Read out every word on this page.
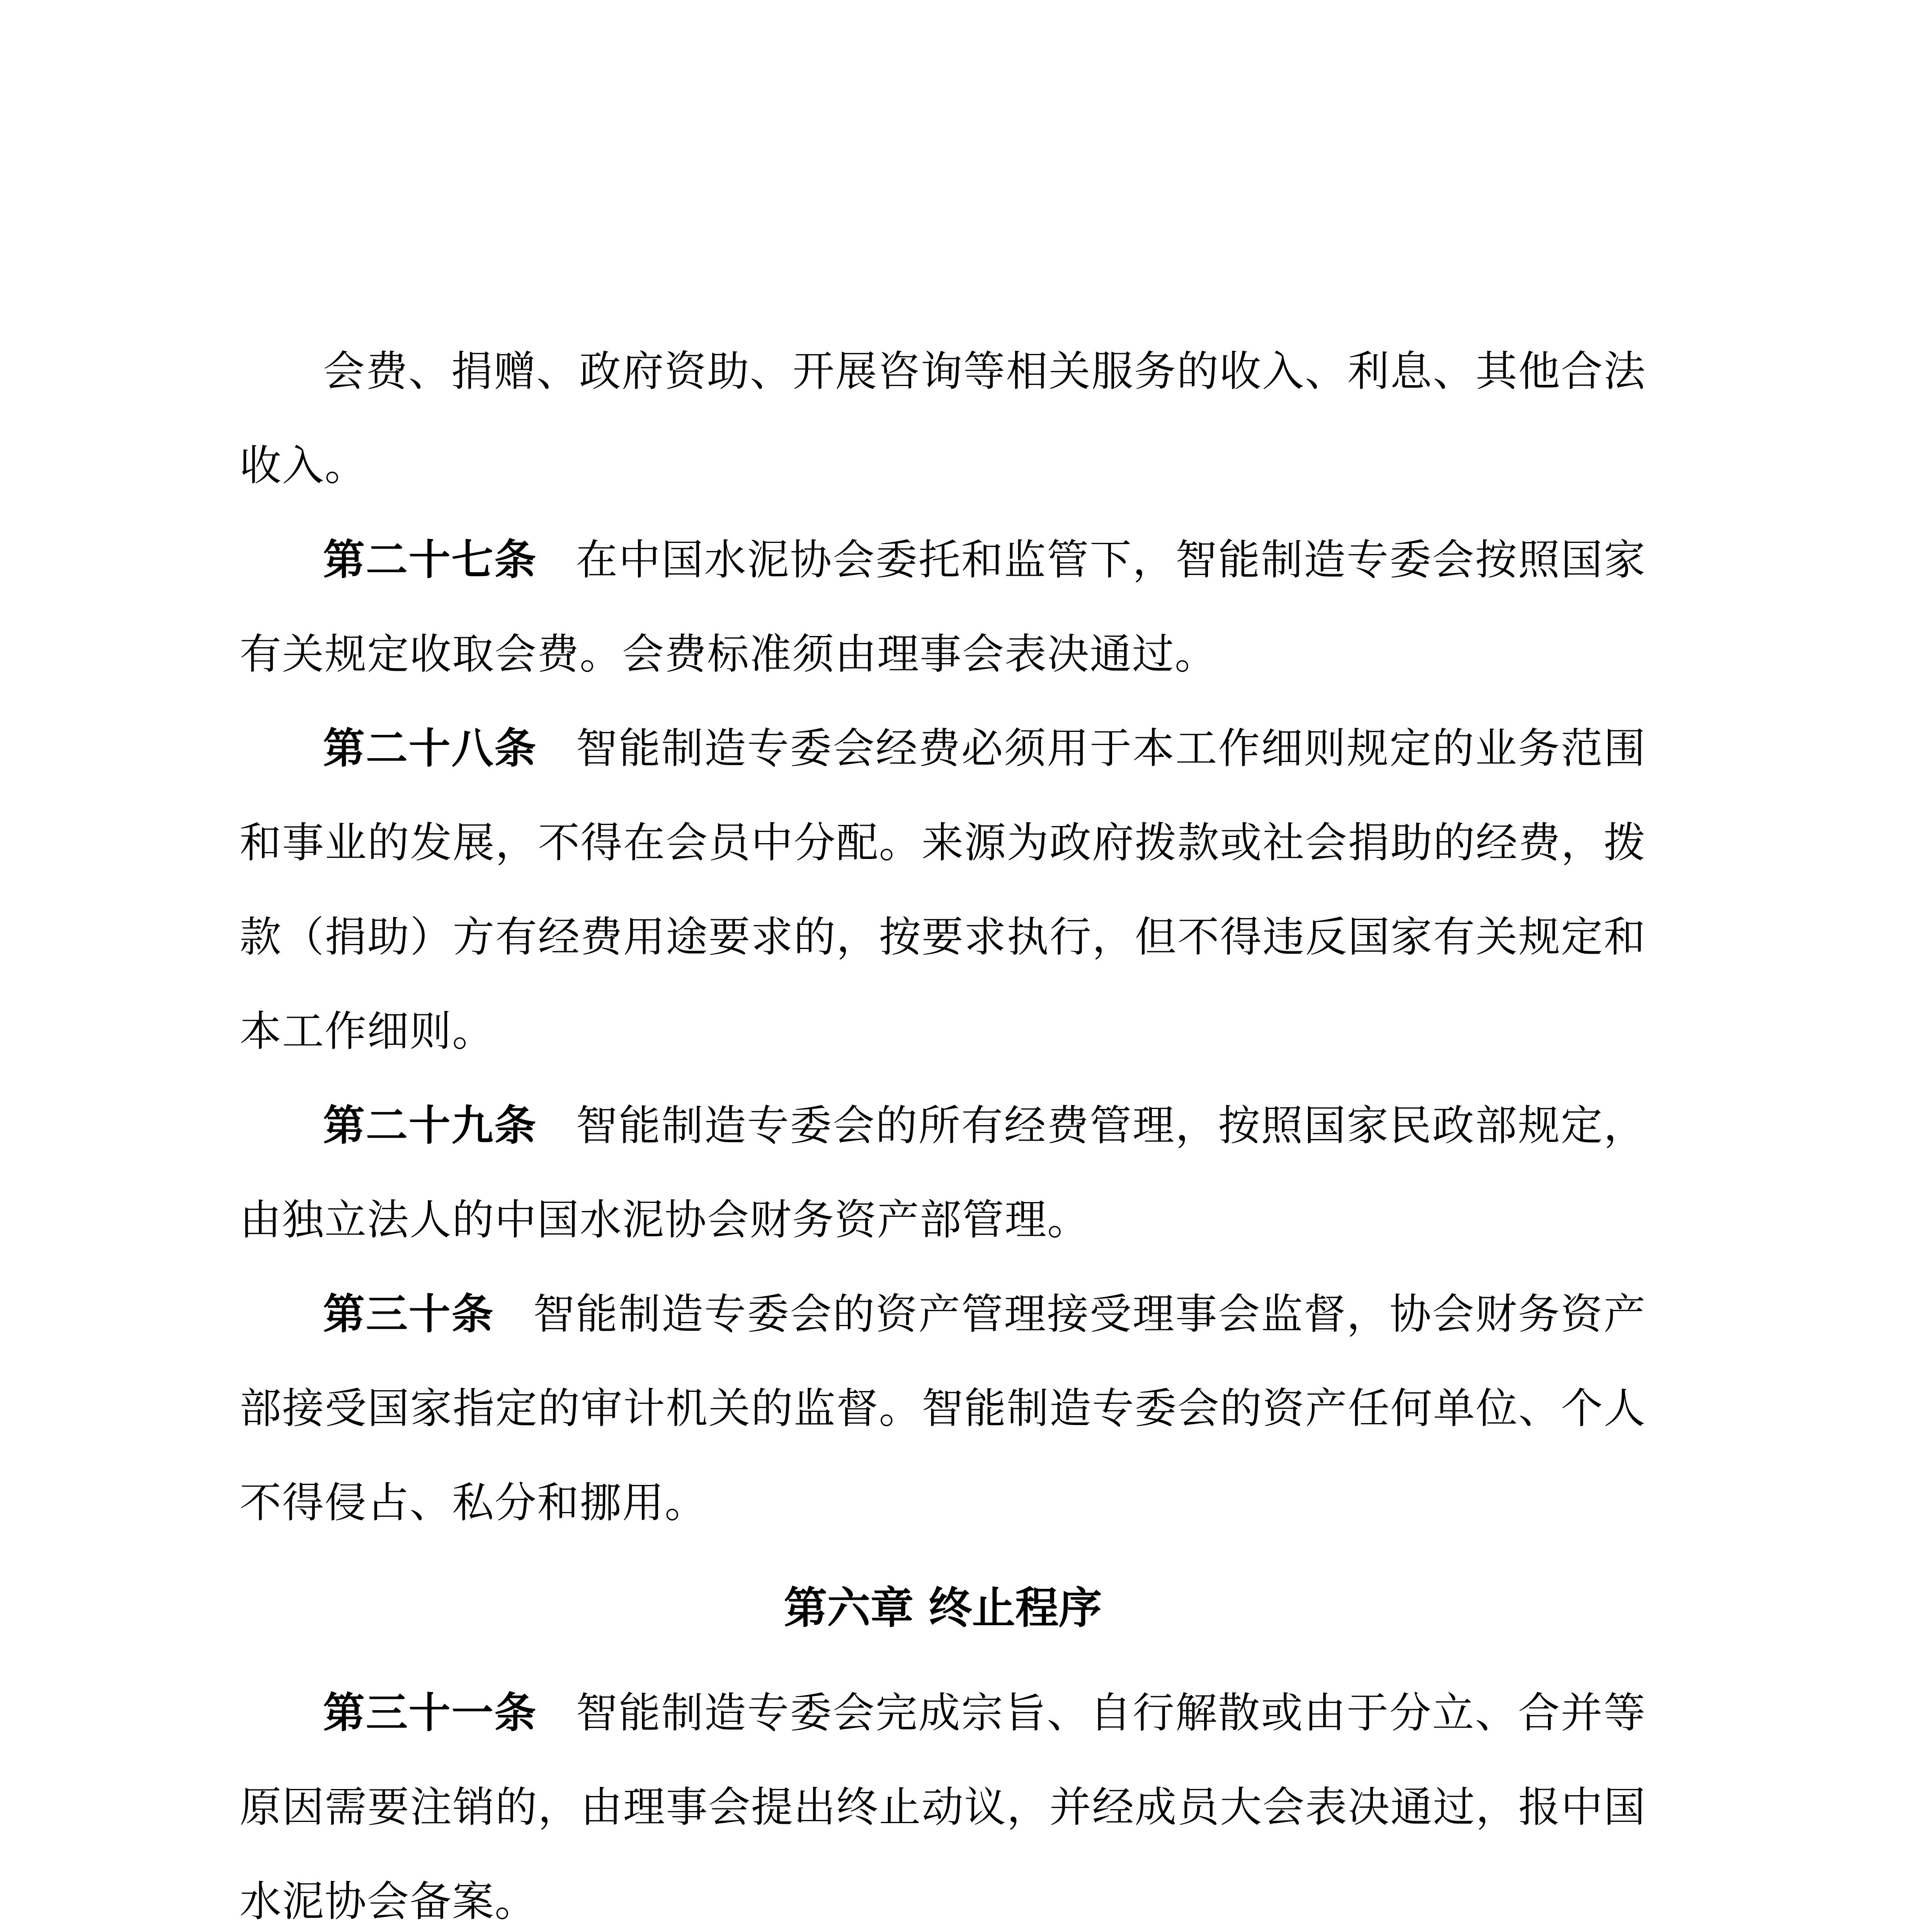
会费、捐赠、政府资助、开展咨询等相关服务的收入、利息、其他合法收入。

第二十七条 在中国水泥协会委托和监管下，智能制造专委会按照国家有关规定收取会费。会费标准须由理事会表决通过。

第二十八条 智能制造专委会经费必须用于本工作细则规定的业务范围和事业的发展，不得在会员中分配。来源为政府拨款或社会捐助的经费，拨款（捐助）方有经费用途要求的，按要求执行，但不得违反国家有关规定和本工作细则。

第二十九条 智能制造专委会的所有经费管理，按照国家民政部规定，由独立法人的中国水泥协会财务资产部管理。

第三十条 智能制造专委会的资产管理接受理事会监督，协会财务资产部接受国家指定的审计机关的监督。智能制造专委会的资产任何单位、个人不得侵占、私分和挪用。

第六章 终止程序

第三十一条 智能制造专委会完成宗旨、自行解散或由于分立、合并等原因需要注销的，由理事会提出终止动议，并经成员大会表决通过，报中国水泥协会备案。
